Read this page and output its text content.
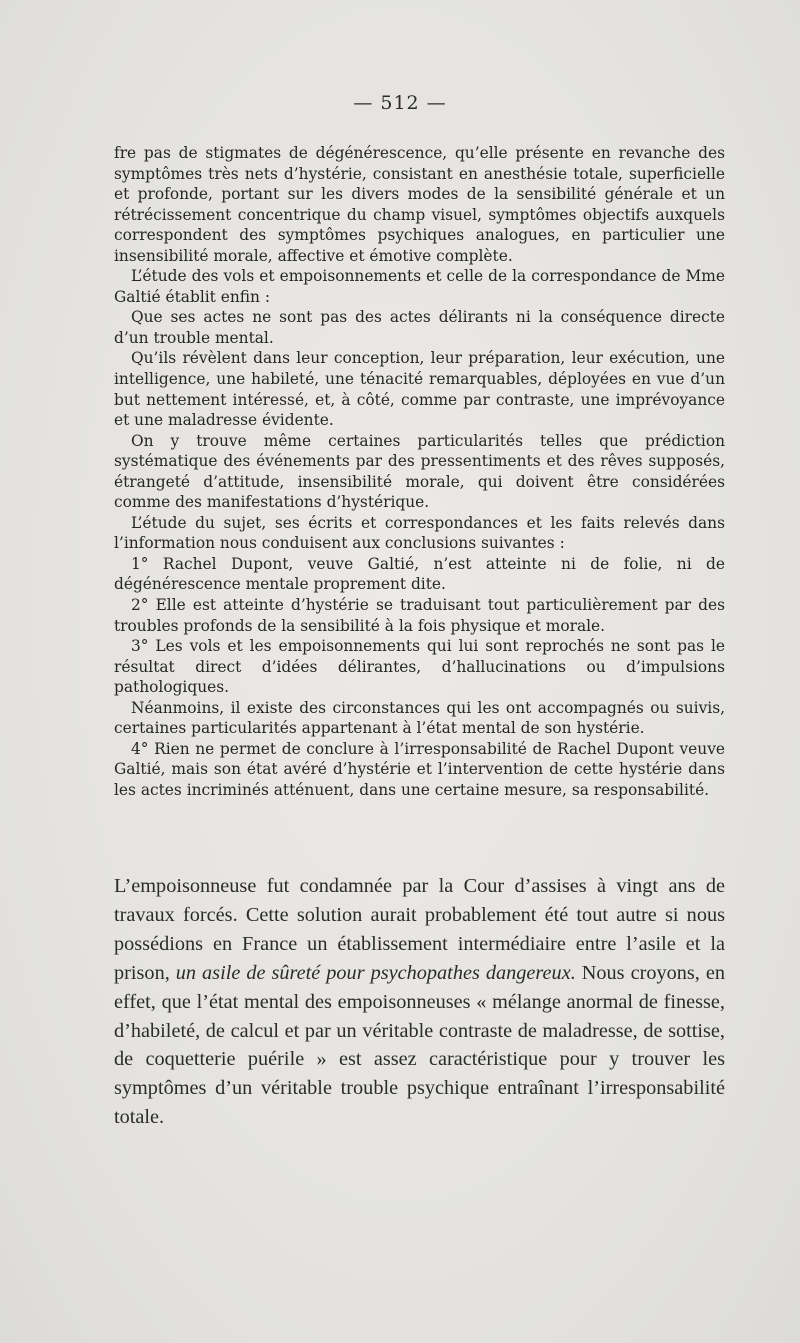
— 512 —

fre pas de stigmates de dégénérescence, qu’elle présente en revanche des symptômes très nets d’hystérie, consistant en anesthésie totale, superficielle et profonde, portant sur les divers modes de la sensibilité générale et un rétrécissement concentrique du champ visuel, symptômes objectifs auxquels correspondent des symptômes psychiques analogues, en particulier une insensibilité morale, affective et émotive complète.

L’étude des vols et empoisonnements et celle de la correspondance de Mme Galtié établit enfin :

Que ses actes ne sont pas des actes délirants ni la conséquence directe d’un trouble mental.

Qu’ils révèlent dans leur conception, leur préparation, leur exécution, une intelligence, une habileté, une ténacité remarquables, déployées en vue d’un but nettement intéressé, et, à côté, comme par contraste, une imprévoyance et une maladresse évidente.

On y trouve même certaines particularités telles que prédiction systématique des événements par des pressentiments et des rêves supposés, étrangeté d’attitude, insensibilité morale, qui doivent être considérées comme des manifestations d’hystérique.

L’étude du sujet, ses écrits et correspondances et les faits relevés dans l’information nous conduisent aux conclusions suivantes :

1° Rachel Dupont, veuve Galtié, n’est atteinte ni de folie, ni de dégénérescence mentale proprement dite.

2° Elle est atteinte d’hystérie se traduisant tout particulièrement par des troubles profonds de la sensibilité à la fois physique et morale.

3° Les vols et les empoisonnements qui lui sont reprochés ne sont pas le résultat direct d’idées délirantes, d’hallucinations ou d’impulsions pathologiques.

Néanmoins, il existe des circonstances qui les ont accompagnés ou suivis, certaines particularités appartenant à l’état mental de son hystérie.

4° Rien ne permet de conclure à l’irresponsabilité de Rachel Dupont veuve Galtié, mais son état avéré d’hystérie et l’intervention de cette hystérie dans les actes incriminés atténuent, dans une certaine mesure, sa responsabilité.

L’empoisonneuse fut condamnée par la Cour d’assises à vingt ans de travaux forcés. Cette solution aurait probablement été tout autre si nous possédions en France un établissement intermédiaire entre l’asile et la prison, un asile de sûreté pour psychopathes dangereux. Nous croyons, en effet, que l’état mental des empoisonneuses « mélange anormal de finesse, d’habileté, de calcul et par un véritable contraste de maladresse, de sottise, de coquetterie puérile » est assez caractéristique pour y trouver les symptômes d’un véritable trouble psychique entraînant l’irresponsabilité totale.
